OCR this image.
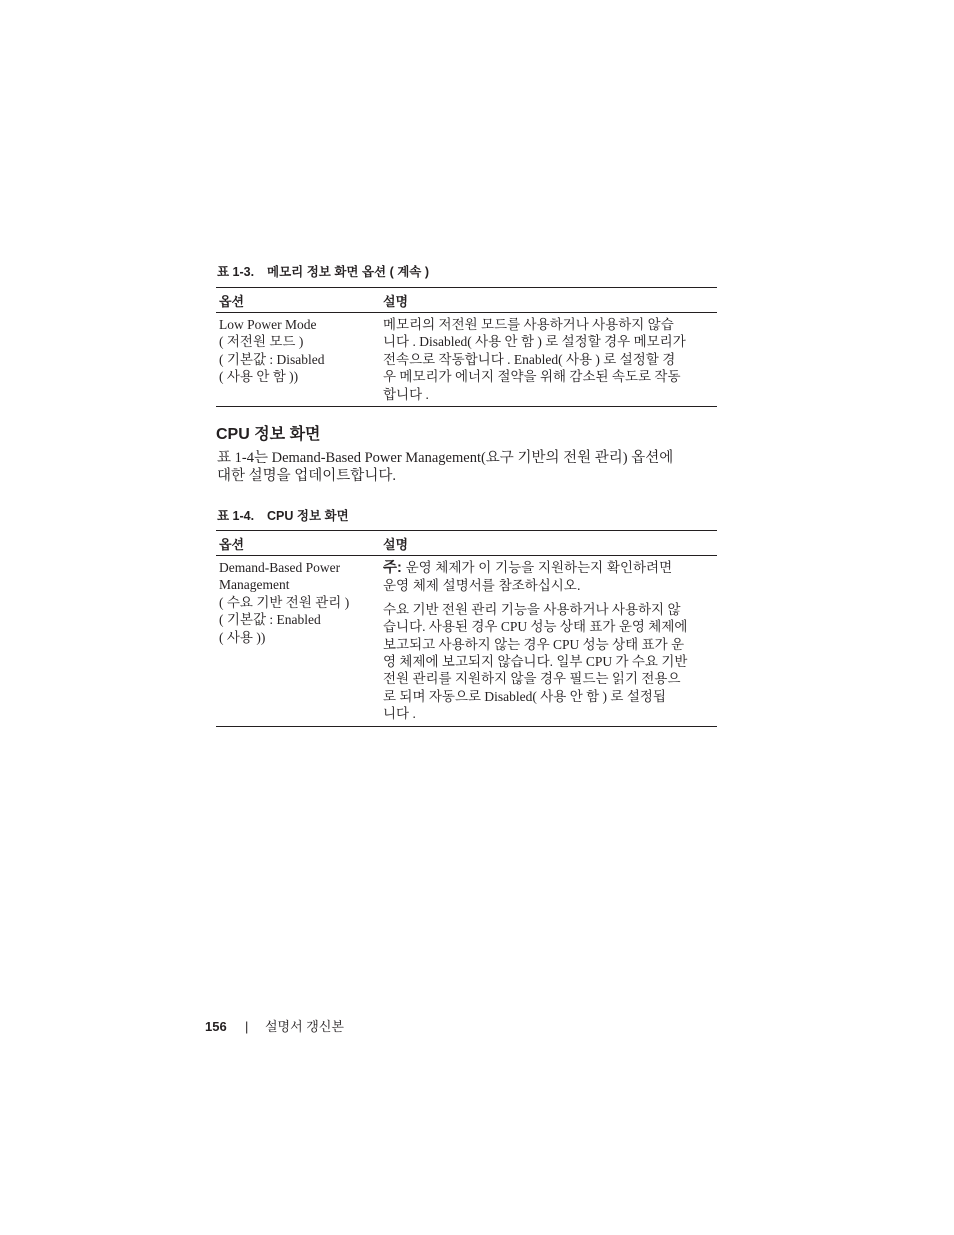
표 1-3. 메모리 정보 화면 옵션 ( 계속 )
옵션	설명
Low Power Mode
( 저전원 모드 )
( 기본값 : Disabled
( 사용 안 함 ))
메모리의 저전원 모드를 사용하거나 사용하지 않습
니다 . Disabled( 사용 안 함 ) 로 설정할 경우 메모리가
전속으로 작동합니다 . Enabled( 사용 ) 로 설정할 경
우 메모리가 에너지 절약을 위해 감소된 속도로 작동
합니다 .
CPU 정보 화면
표 1-4는 Demand-Based Power Management(요구 기반의 전원 관리) 옵션에
대한 설명을 업데이트합니다.
표 1-4. CPU 정보 화면
옵션	설명
Demand-Based Power
Management
( 수요 기반 전원 관리 )
( 기본값 : Enabled
( 사용 ))

주: 운영 체제가 이 기능을 지원하는지 확인하려면
운영 체제 설명서를 참조하십시오.

수요 기반 전원 관리 기능을 사용하거나 사용하지 않
습니다. 사용된 경우 CPU 성능 상태 표가 운영 체제에
보고되고 사용하지 않는 경우 CPU 성능 상태 표가 운
영 체제에 보고되지 않습니다. 일부 CPU 가 수요 기반
전원 관리를 지원하지 않을 경우 필드는 읽기 전용으
로 되며 자동으로 Disabled( 사용 안 함 ) 로 설정됩
니다 .

156 | 설명서 갱신본
